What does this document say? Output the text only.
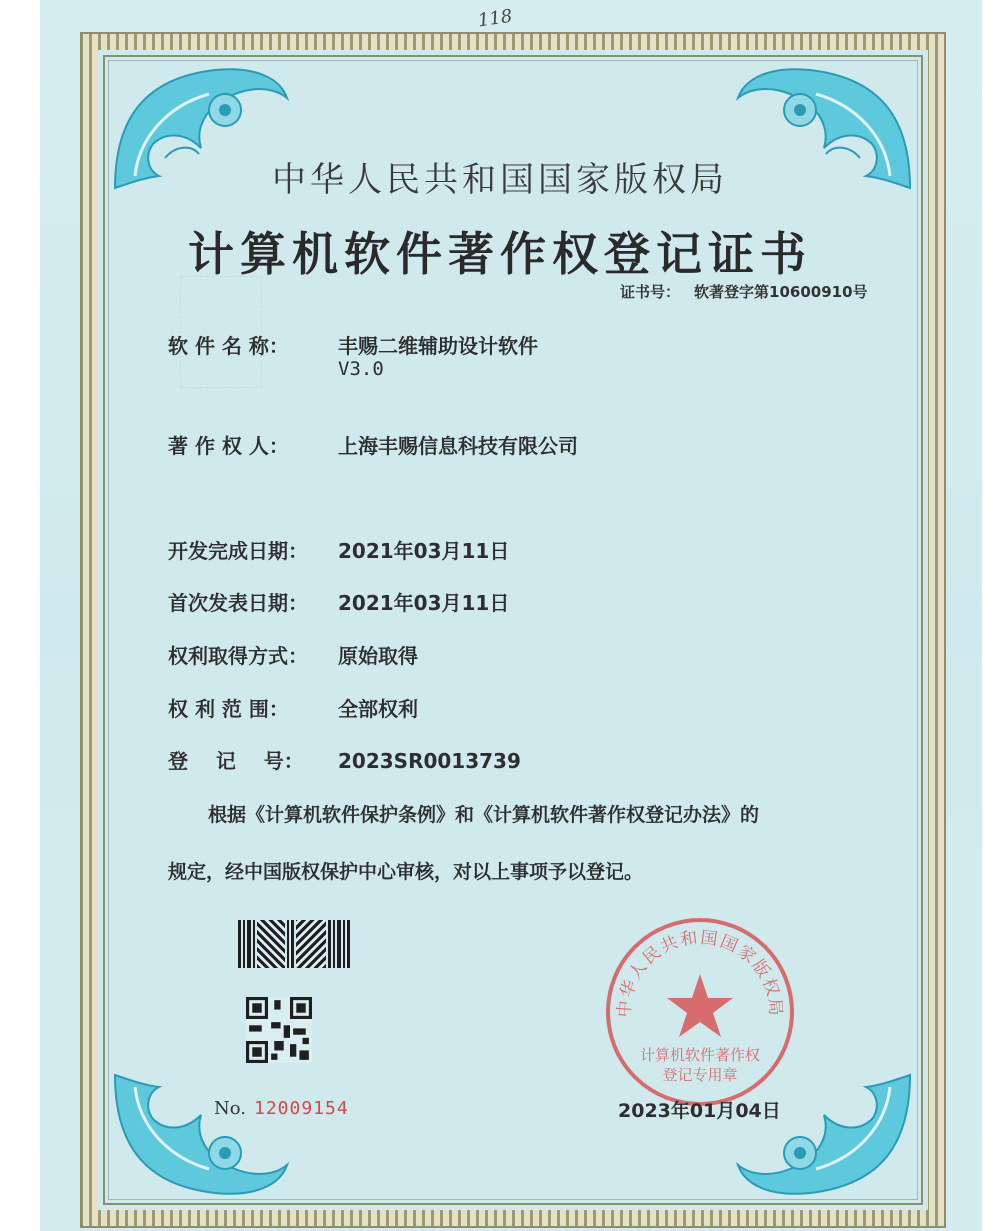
118
中华人民共和国国家版权局
计算机软件著作权登记证书
证书号： 软著登字第10600910号
软 件 名 称： 丰赐二维辅助设计软件
V3.0
著 作 权 人： 上海丰赐信息科技有限公司
开发完成日期： 2021年03月11日
首次发表日期： 2021年03月11日
权利取得方式： 原始取得
权 利 范 围： 全部权利
登    记    号： 2023SR0013739
根据《计算机软件保护条例》和《计算机软件著作权登记办法》的
规定，经中国版权保护中心审核，对以上事项予以登记。
No. 12009154
中华人民共和国国家版权局
计算机软件著作权
登记专用章
2023年01月04日
